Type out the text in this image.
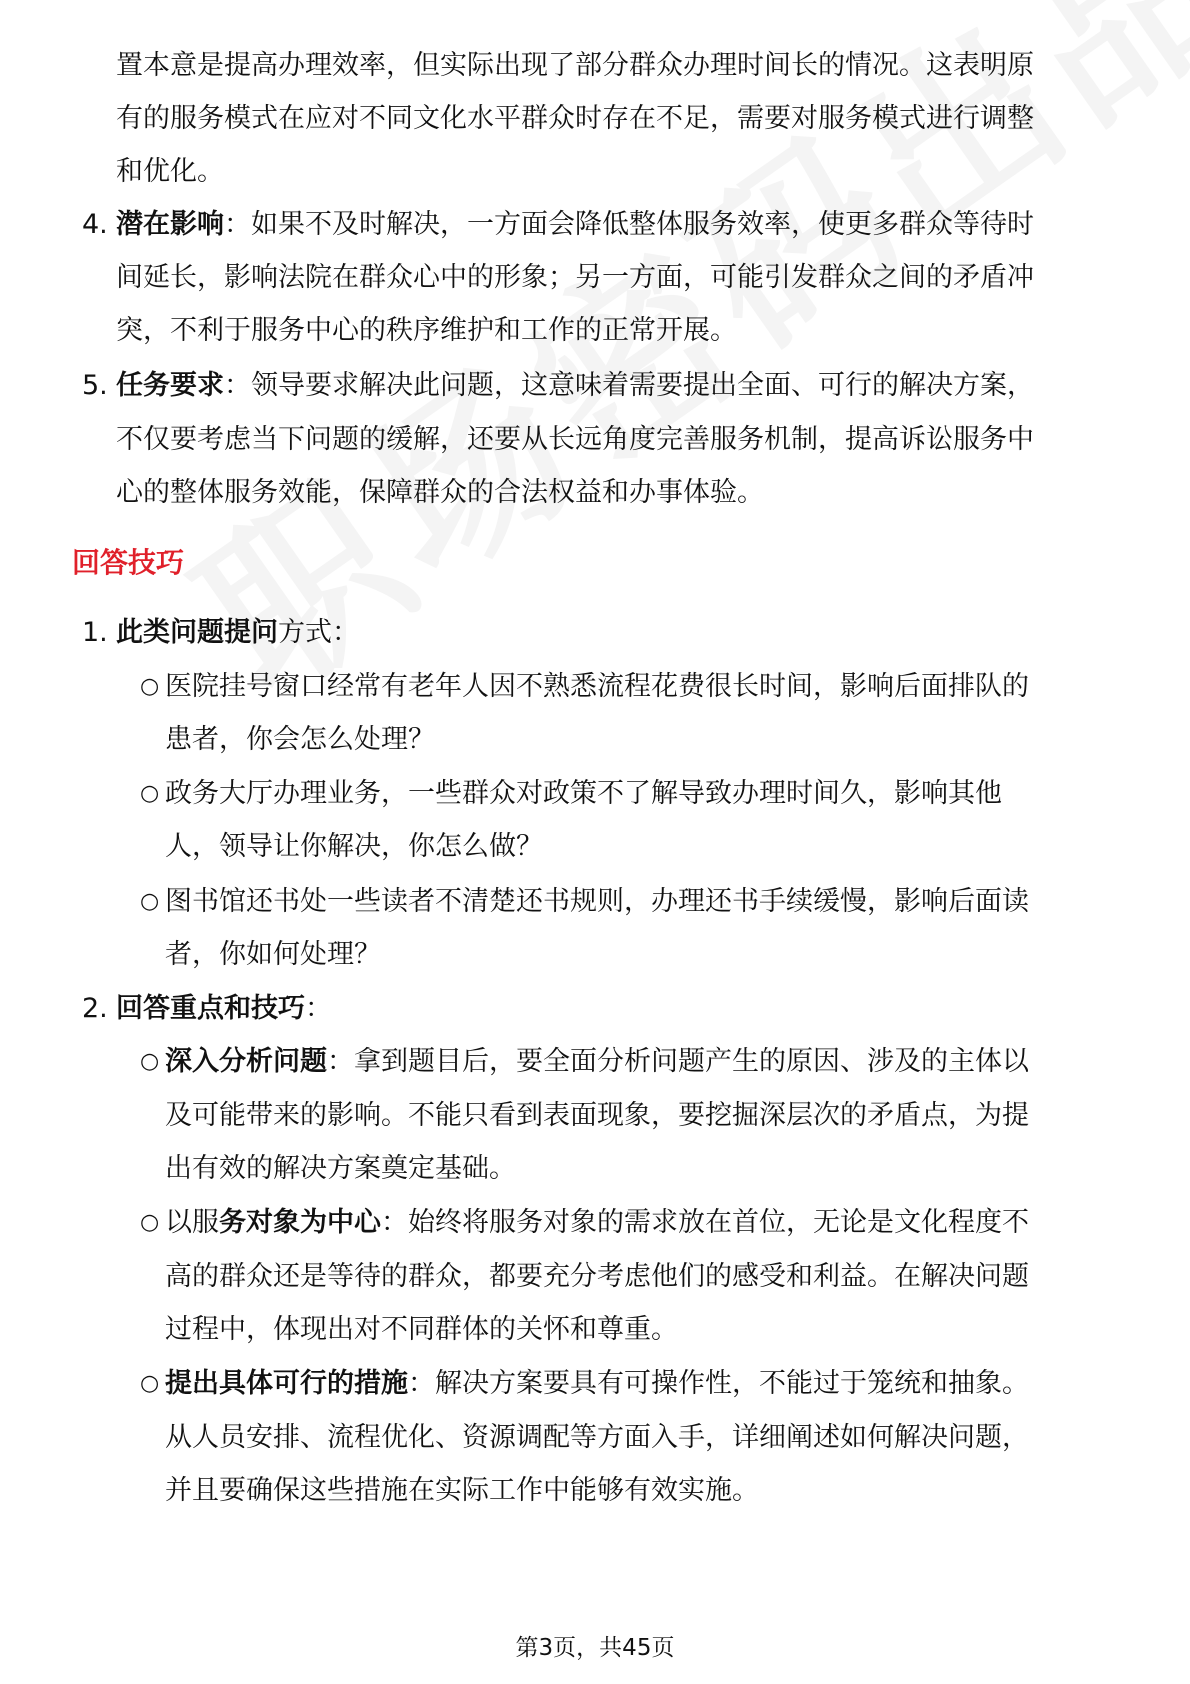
置本意是提高办理效率，但实际出现了部分群众办理时间长的情况。这表明原
有的服务模式在应对不同文化水平群众时存在不足，需要对服务模式进行调整
和优化。
4. 潜在影响：如果不及时解决，一方面会降低整体服务效率，使更多群众等待时
间延长，影响法院在群众心中的形象；另一方面，可能引发群众之间的矛盾冲
突，不利于服务中心的秩序维护和工作的正常开展。
5. 任务要求：领导要求解决此问题，这意味着需要提出全面、可行的解决方案，
不仅要考虑当下问题的缓解，还要从长远角度完善服务机制，提高诉讼服务中
心的整体服务效能，保障群众的合法权益和办事体验。
回答技巧
1. 此类问题提问方式：
○ 医院挂号窗口经常有老年人因不熟悉流程花费很长时间，影响后面排队的
患者，你会怎么处理？
○ 政务大厅办理业务，一些群众对政策不了解导致办理时间久，影响其他
人，领导让你解决，你怎么做？
○ 图书馆还书处一些读者不清楚还书规则，办理还书手续缓慢，影响后面读
者，你如何处理？
2. 回答重点和技巧：
○ 深入分析问题：拿到题目后，要全面分析问题产生的原因、涉及的主体以
及可能带来的影响。不能只看到表面现象，要挖掘深层次的矛盾点，为提
出有效的解决方案奠定基础。
○ 以服务对象为中心：始终将服务对象的需求放在首位，无论是文化程度不
高的群众还是等待的群众，都要充分考虑他们的感受和利益。在解决问题
过程中，体现出对不同群体的关怀和尊重。
○ 提出具体可行的措施：解决方案要具有可操作性，不能过于笼统和抽象。
从人员安排、流程优化、资源调配等方面入手，详细阐述如何解决问题，
并且要确保这些措施在实际工作中能够有效实施。
第3页，共45页
